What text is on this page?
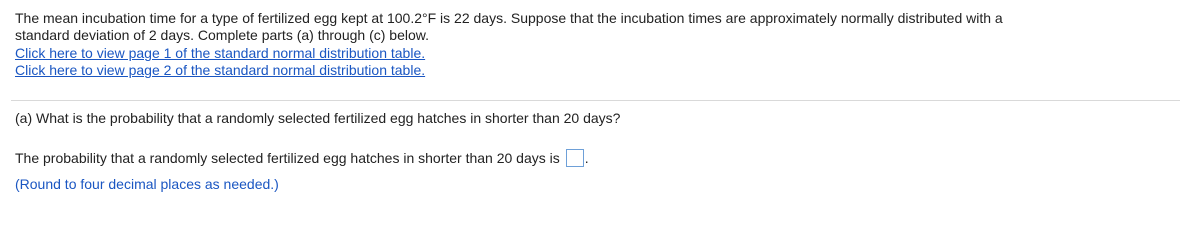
The mean incubation time for a type of fertilized egg kept at 100.2°F is 22 days. Suppose that the incubation times are approximately normally distributed with a

standard deviation of 2 days. Complete parts (a) through (c) below.

Click here to view page 1 of the standard normal distribution table.
Click here to view page 2 of the standard normal distribution table.
(a) What is the probability that a randomly selected fertilized egg hatches in shorter than 20 days?
The probability that a randomly selected fertilized egg hatches in shorter than 20 days is .
(Round to four decimal places as needed.)
